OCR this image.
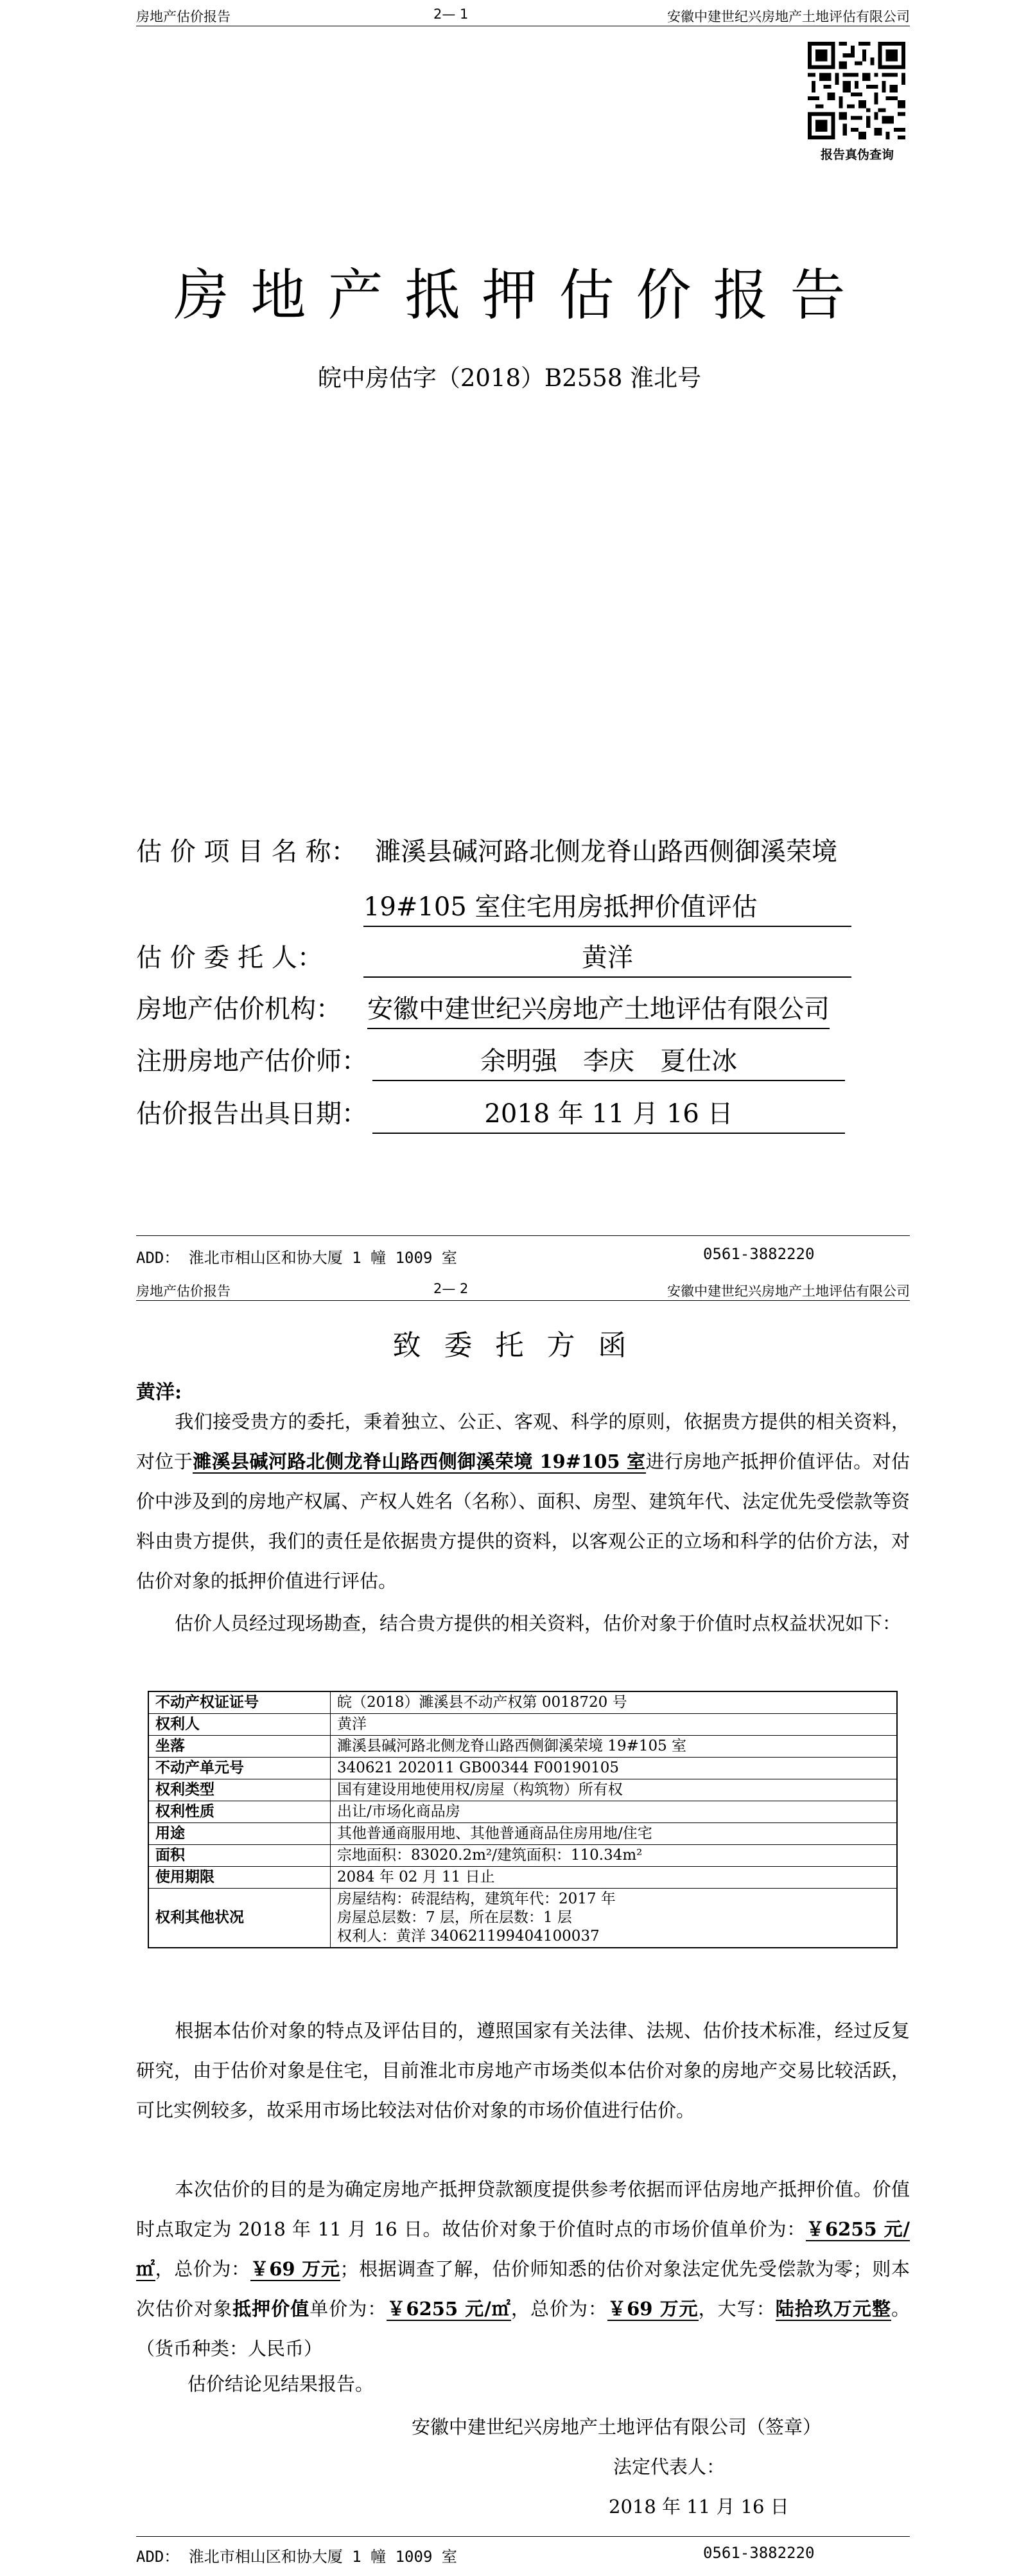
房地产估价报告	2— 1	安徽中建世纪兴房地产土地评估有限公司
报告真伪查询
房地产抵押估价报告
皖中房估字（2018）B2558 淮北号
估 价 项 目 名 称： 濉溪县碱河路北侧龙脊山路西侧御溪荣境
19#105 室住宅用房抵押价值评估
估 价 委 托 人：	黄洋
房地产估价机构： 安徽中建世纪兴房地产土地评估有限公司
注册房地产估价师：	余明强　李庆　夏仕冰
估价报告出具日期：	2018 年 11 月 16 日
ADD： 淮北市相山区和协大厦 1 幢 1009 室	0561-3882220
房地产估价报告	2— 2	安徽中建世纪兴房地产土地评估有限公司
致委托方函
黄洋:
我们接受贵方的委托，秉着独立、公正、客观、科学的原则，依据贵方提供的相关资料，对位于濉溪县碱河路北侧龙脊山路西侧御溪荣境 19#105 室进行房地产抵押价值评估。对估价中涉及到的房地产权属、产权人姓名（名称）、面积、房型、建筑年代、法定优先受偿款等资料由贵方提供，我们的责任是依据贵方提供的资料，以客观公正的立场和科学的估价方法，对估价对象的抵押价值进行评估。
估价人员经过现场勘查，结合贵方提供的相关资料，估价对象于价值时点权益状况如下：
不动产权证证号	皖（2018）濉溪县不动产权第 0018720 号
权利人	黄洋
坐落	濉溪县碱河路北侧龙脊山路西侧御溪荣境 19#105 室
不动产单元号	340621 202011 GB00344 F00190105
权利类型	国有建设用地使用权/房屋（构筑物）所有权
权利性质	出让/市场化商品房
用途	其他普通商服用地、其他普通商品住房用地/住宅
面积	宗地面积：83020.2m²/建筑面积：110.34m²
使用期限	2084 年 02 月 11 日止
权利其他状况	房屋结构：砖混结构，建筑年代：2017 年
房屋总层数：7 层，所在层数：1 层
权利人：黄洋 340621199404100037
根据本估价对象的特点及评估目的，遵照国家有关法律、法规、估价技术标准，经过反复研究，由于估价对象是住宅，目前淮北市房地产市场类似本估价对象的房地产交易比较活跃，可比实例较多，故采用市场比较法对估价对象的市场价值进行估价。
本次估价的目的是为确定房地产抵押贷款额度提供参考依据而评估房地产抵押价值。价值时点取定为 2018 年 11 月 16 日。故估价对象于价值时点的市场价值单价为：￥6255 元/㎡，总价为：￥69 万元；根据调查了解，估价师知悉的估价对象法定优先受偿款为零；则本次估价对象抵押价值单价为：￥6255 元/㎡，总价为：￥69 万元，大写：陆拾玖万元整。（货币种类：人民币）
估价结论见结果报告。
安徽中建世纪兴房地产土地评估有限公司（签章）
法定代表人：
2018 年 11 月 16 日
ADD： 淮北市相山区和协大厦 1 幢 1009 室	0561-3882220
